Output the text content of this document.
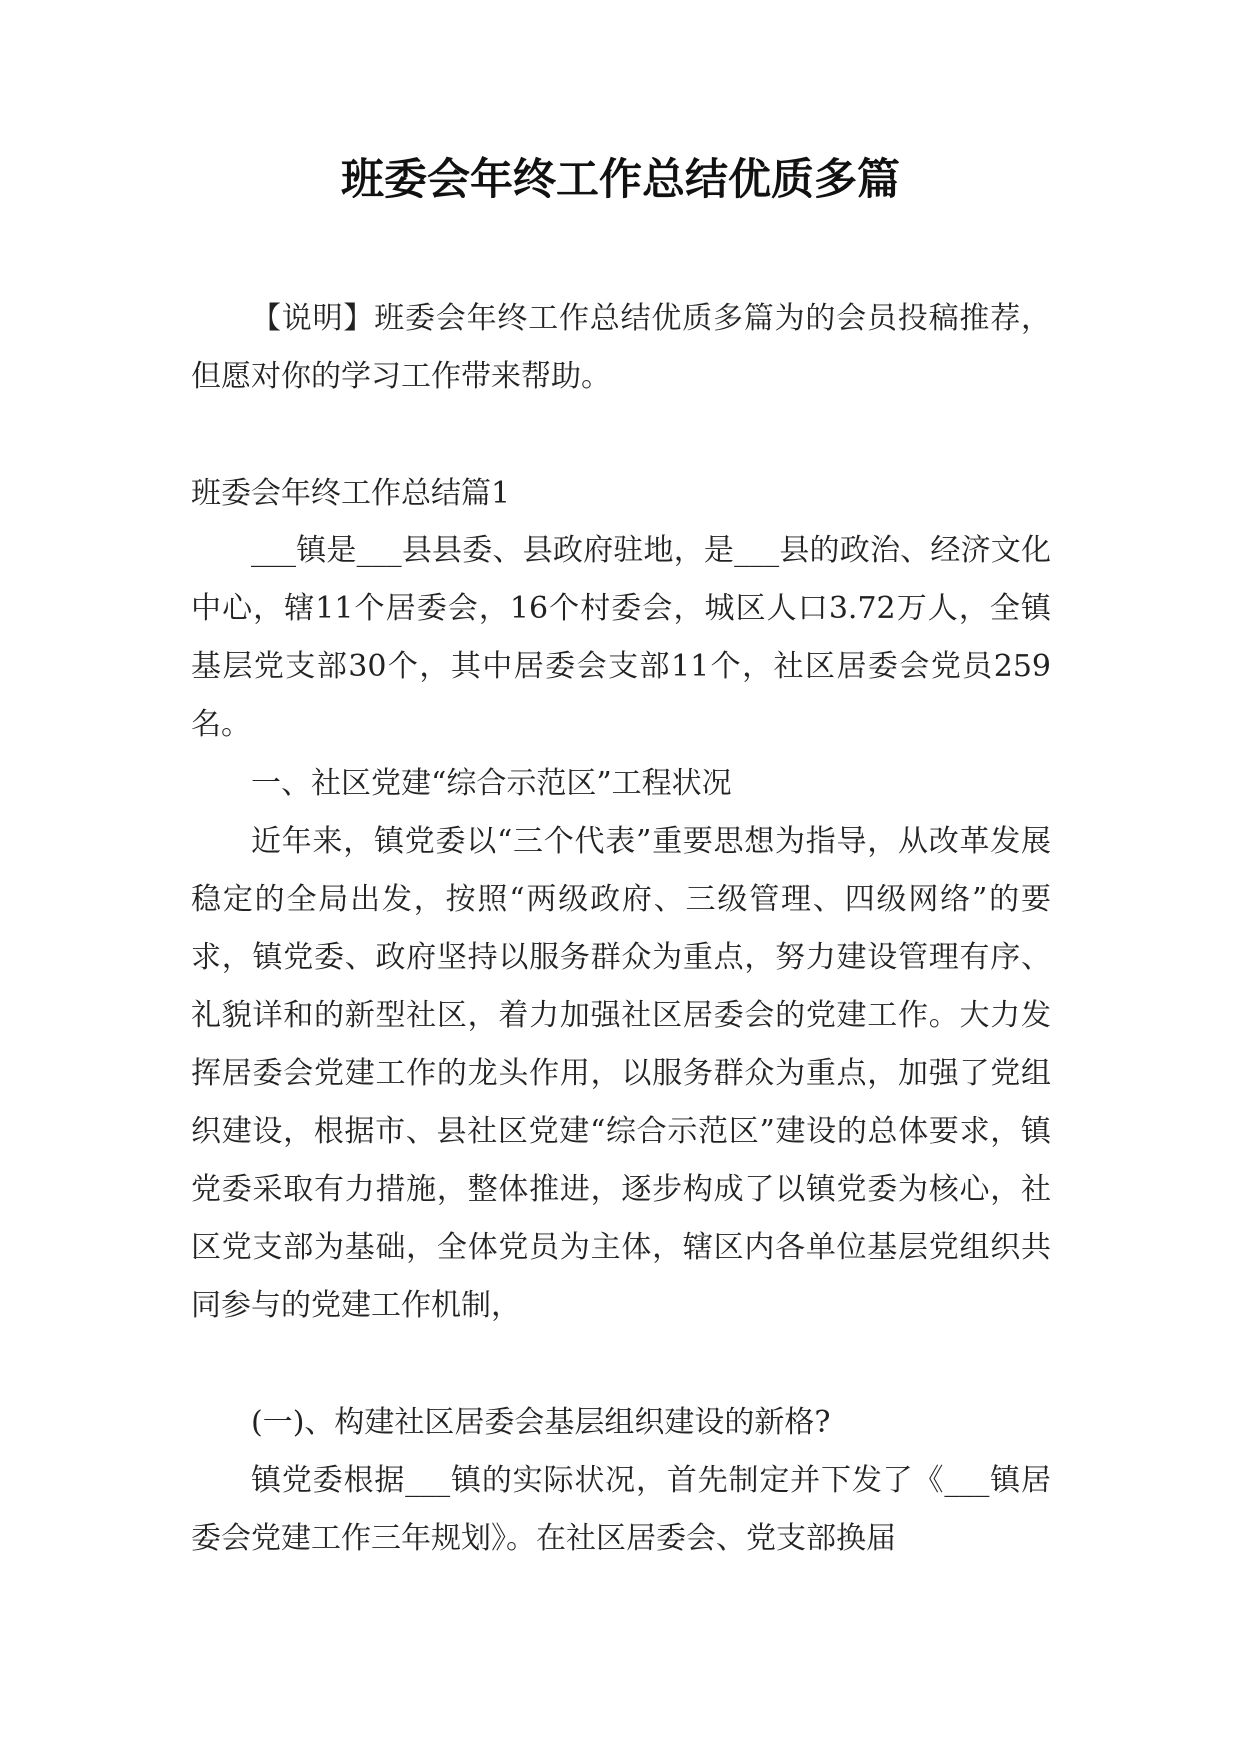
班委会年终工作总结优质多篇

【说明】班委会年终工作总结优质多篇为的会员投稿推荐，但愿对你的学习工作带来帮助。

班委会年终工作总结篇1

___镇是___县县委、县政府驻地，是___县的政治、经济文化中心，辖11个居委会，16个村委会，城区人口3.72万人，全镇基层党支部30个，其中居委会支部11个，社区居委会党员259名。

一、社区党建“综合示范区”工程状况

近年来，镇党委以“三个代表”重要思想为指导，从改革发展稳定的全局出发，按照“两级政府、三级管理、四级网络”的要求，镇党委、政府坚持以服务群众为重点，努力建设管理有序、礼貌详和的新型社区，着力加强社区居委会的党建工作。大力发挥居委会党建工作的龙头作用，以服务群众为重点，加强了党组织建设，根据市、县社区党建“综合示范区”建设的总体要求，镇党委采取有力措施，整体推进，逐步构成了以镇党委为核心，社区党支部为基础，全体党员为主体，辖区内各单位基层党组织共同参与的党建工作机制，

(一)、构建社区居委会基层组织建设的新格?

镇党委根据___镇的实际状况，首先制定并下发了《___镇居委会党建工作三年规划》。在社区居委会、党支部换届
